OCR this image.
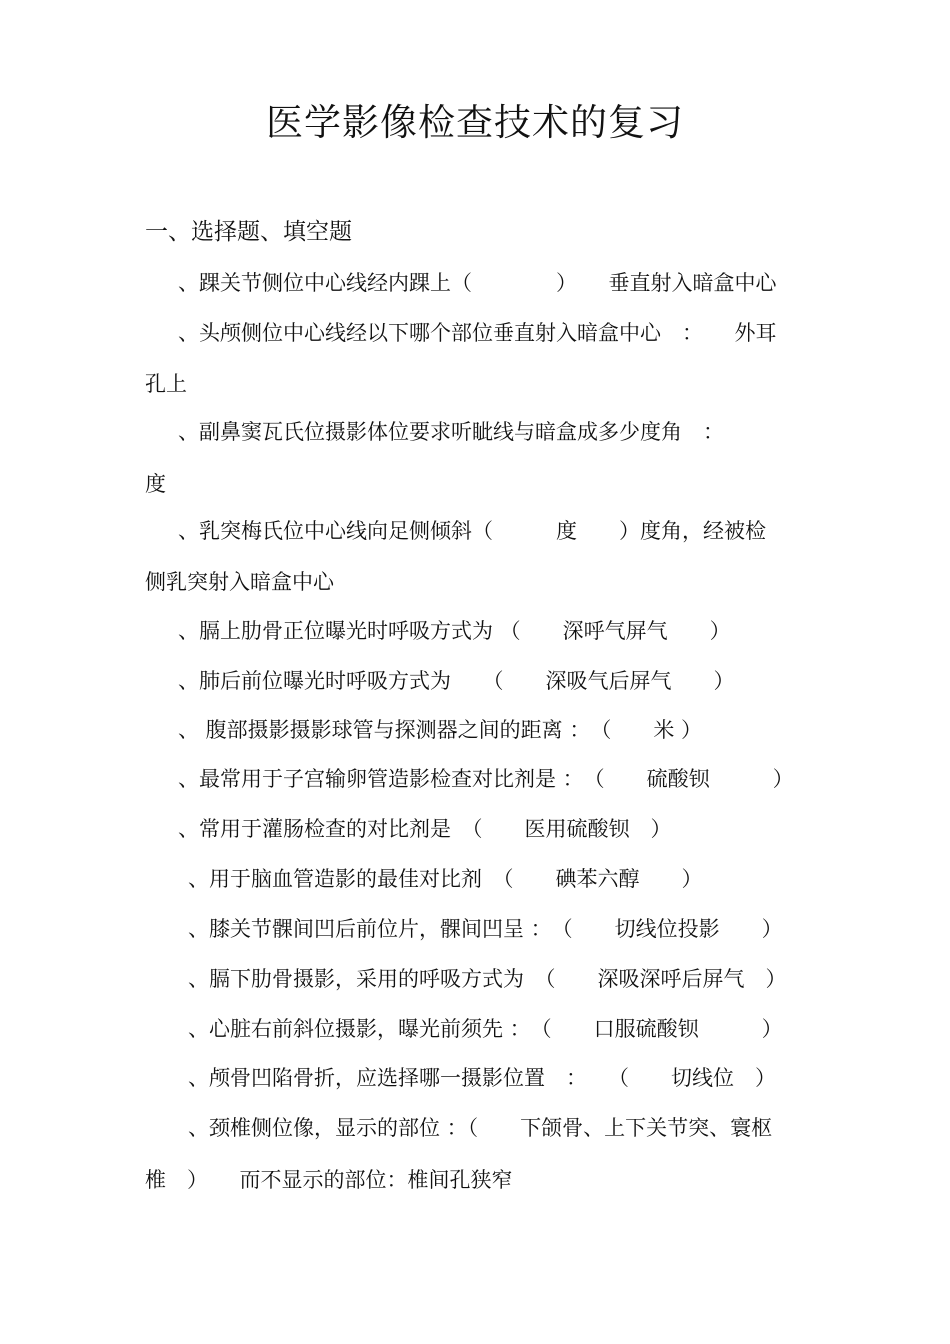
医学影像检查技术的复习
一、选择题、填空题
、踝关节侧位中心线经内踝上（　　　　）　　垂直射入暗盒中心
、头颅侧位中心线经以下哪个部位垂直射入暗盒中心　：　　外耳
孔上
、副鼻窦瓦氏位摄影体位要求听眦线与暗盒成多少度角　：
度
、乳突梅氏位中心线向足侧倾斜（　　　度　　）度角，经被检
侧乳突射入暗盒中心
、膈上肋骨正位曝光时呼吸方式为 （　　深呼气屏气　　）
、肺后前位曝光时呼吸方式为　　（　　深吸气后屏气　　）
、 腹部摄影摄影球管与探测器之间的距离 ：　（　　米 ）
、最常用于子宫输卵管造影检查对比剂是 ：　（　　硫酸钡　　　）
、常用于灌肠检查的对比剂是　（　　医用硫酸钡　）
、用于脑血管造影的最佳对比剂　（　　碘苯六醇　　）
、膝关节髁间凹后前位片，髁间凹呈 ：　（　　切线位投影　　）
、膈下肋骨摄影，采用的呼吸方式为　（　　深吸深呼后屏气　）
、心脏右前斜位摄影，曝光前须先 ：　（　　口服硫酸钡　　　）
、颅骨凹陷骨折，应选择哪一摄影位置　：　　（　　切线位　）
、颈椎侧位像，显示的部位 ：（　　下颌骨、上下关节突、寰枢
椎　）　　而不显示的部位：椎间孔狭窄
